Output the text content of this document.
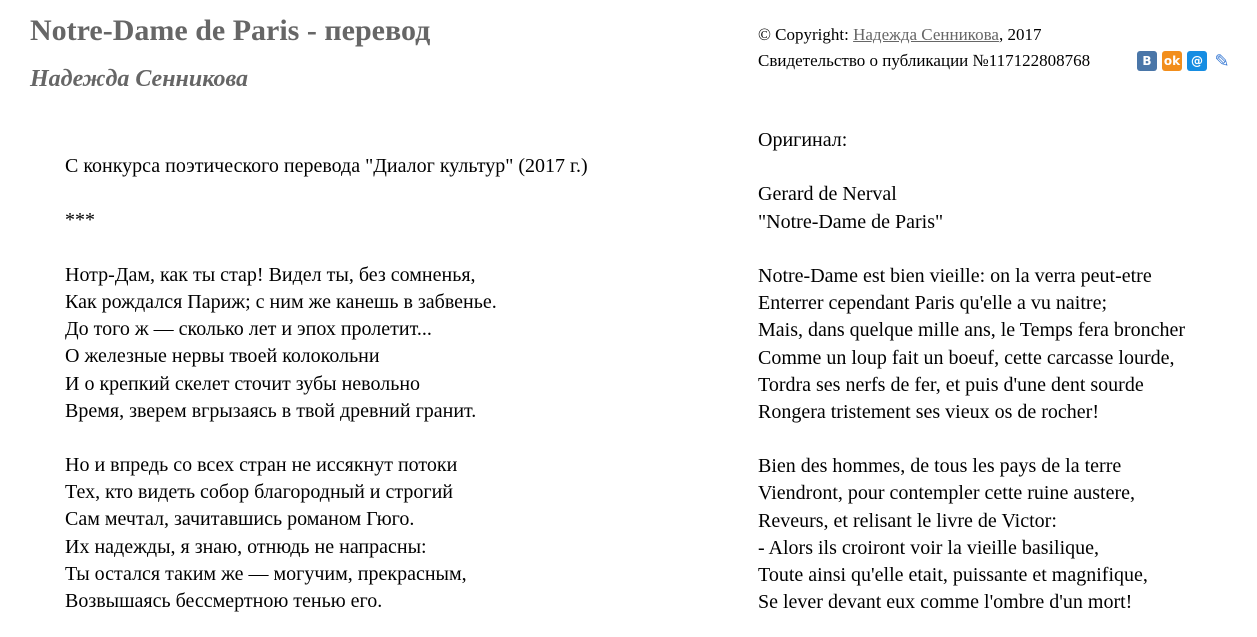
Notre-Dame de Paris - перевод
Надежда Сенникова
© Copyright: Надежда Сенникова, 2017
Свидетельство о публикации №117122808768	B	ok @ ✎
С конкурса поэтического перевода "Диалог культур" (2017 г.)
***
Нотр-Дам, как ты стар! Видел ты, без сомненья,
Как рождался Париж; с ним же канешь в забвенье.
До того ж — сколько лет и эпох пролетит...
О железные нервы твоей колокольни
И о крепкий скелет сточит зубы невольно
Время, зверем вгрызаясь в твой древний гранит.
Но и впредь со всех стран не иссякнут потоки
Тех, кто видеть собор благородный и строгий
Сам мечтал, зачитавшись романом Гюго.
Их надежды, я знаю, отнюдь не напрасны:
Ты остался таким же — могучим, прекрасным,
Возвышаясь бессмертною тенью его.
Оригинал:
Gerard de Nerval
"Notre-Dame de Paris"
Notre-Dame est bien vieille: on la verra peut-etre
Enterrer cependant Paris qu'elle a vu naitre;
Mais, dans quelque mille ans, le Temps fera broncher
Comme un loup fait un boeuf, cette carcasse lourde,
Tordra ses nerfs de fer, et puis d'une dent sourde
Rongera tristement ses vieux os de rocher!
Bien des hommes, de tous les pays de la terre
Viendront, pour contempler cette ruine austere,
Reveurs, et relisant le livre de Victor:
- Alors ils croiront voir la vieille basilique,
Toute ainsi qu'elle etait, puissante et magnifique,
Se lever devant eux comme l'ombre d'un mort!
